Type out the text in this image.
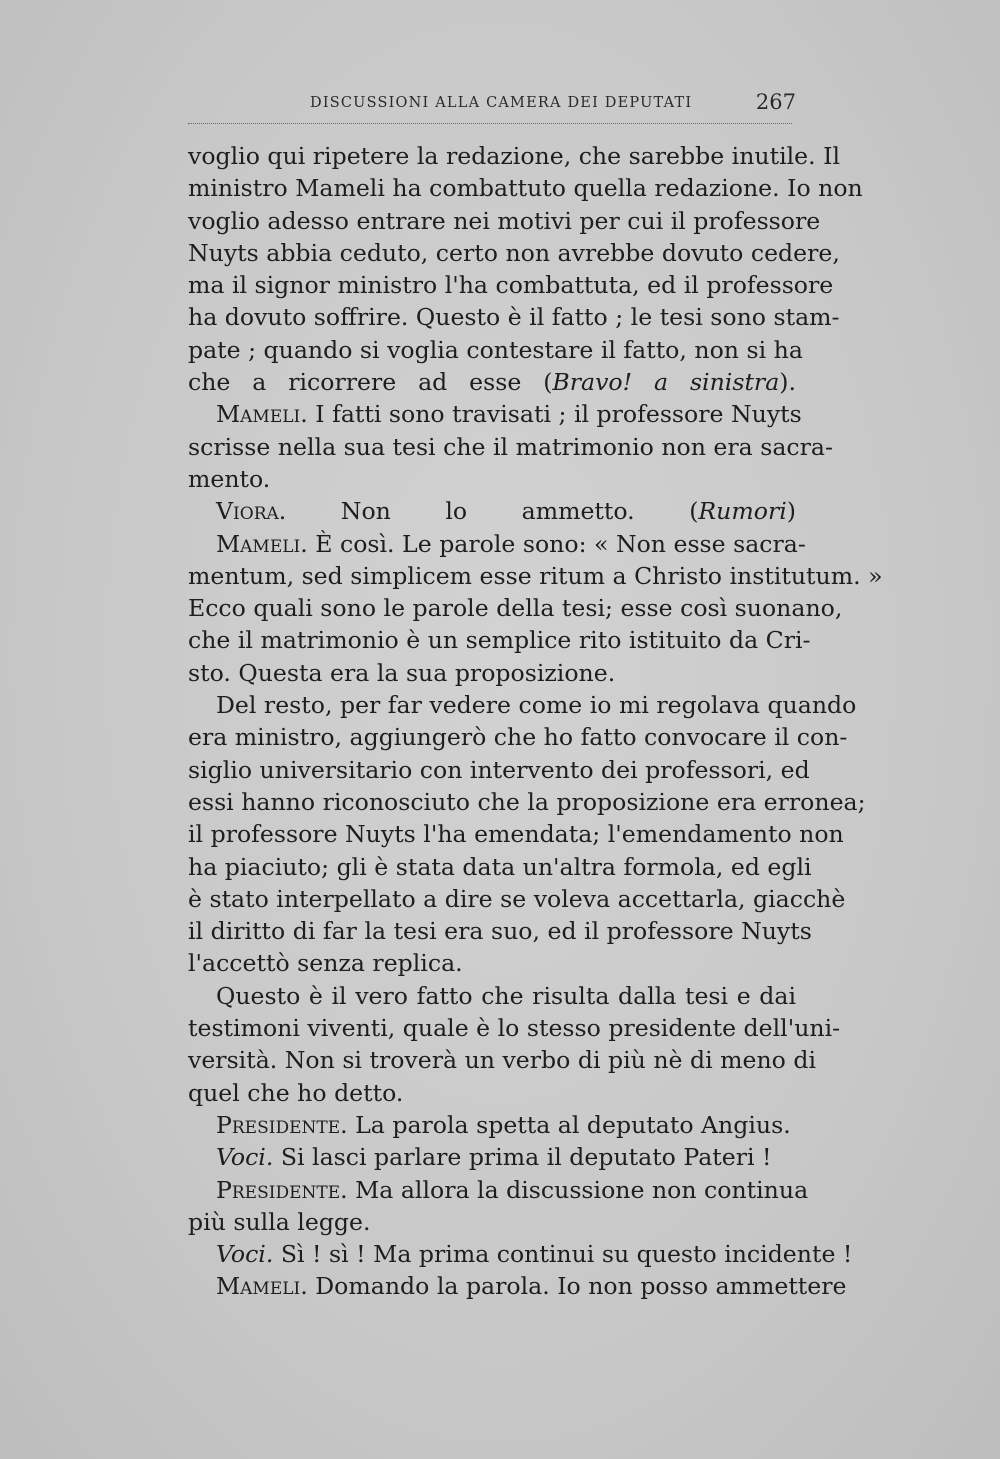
DISCUSSIONI ALLA CAMERA DEI DEPUTATI	267
voglio qui ripetere la redazione, che sarebbe inutile. Il
ministro Mameli ha combattuto quella redazione. Io non
voglio adesso entrare nei motivi per cui il professore
Nuyts abbia ceduto, certo non avrebbe dovuto cedere,
ma il signor ministro l'ha combattuta, ed il professore
ha dovuto soffrire. Questo è il fatto ; le tesi sono stam-
pate ; quando si voglia contestare il fatto, non si ha
che a ricorrere ad esse (Bravo! a sinistra).
Mameli. I fatti sono travisati ; il professore Nuyts
scrisse nella sua tesi che il matrimonio non era sacra-
mento.
Viora. Non lo ammetto. (Rumori)
Mameli. È così. Le parole sono: « Non esse sacra-
mentum, sed simplicem esse ritum a Christo institutum. »
Ecco quali sono le parole della tesi; esse così suonano,
che il matrimonio è un semplice rito istituito da Cri-
sto. Questa era la sua proposizione.
Del resto, per far vedere come io mi regolava quando
era ministro, aggiungerò che ho fatto convocare il con-
siglio universitario con intervento dei professori, ed
essi hanno riconosciuto che la proposizione era erronea;
il professore Nuyts l'ha emendata; l'emendamento non
ha piaciuto; gli è stata data un'altra formola, ed egli
è stato interpellato a dire se voleva accettarla, giacchè
il diritto di far la tesi era suo, ed il professore Nuyts
l'accettò senza replica.
Questo è il vero fatto che risulta dalla tesi e dai
testimoni viventi, quale è lo stesso presidente dell'uni-
versità. Non si troverà un verbo di più nè di meno di
quel che ho detto.
Presidente. La parola spetta al deputato Angius.
Voci. Si lasci parlare prima il deputato Pateri !
Presidente. Ma allora la discussione non continua
più sulla legge.
Voci. Sì ! sì ! Ma prima continui su questo incidente !
Mameli. Domando la parola. Io non posso ammettere
